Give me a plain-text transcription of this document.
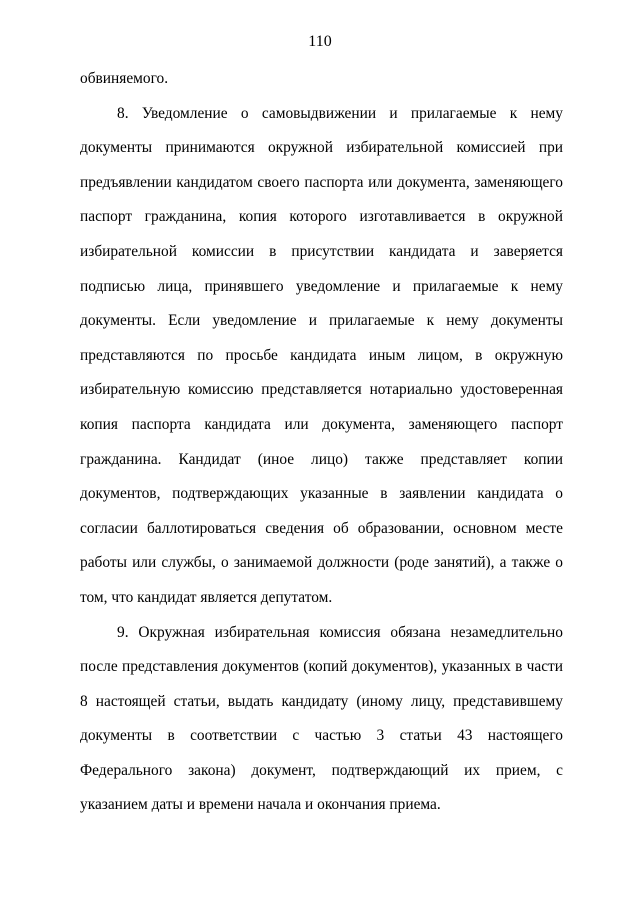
110

обвиняемого.

8. Уведомление о самовыдвижении и прилагаемые к нему документы принимаются окружной избирательной комиссией при предъявлении кандидатом своего паспорта или документа, заменяющего паспорт гражданина, копия которого изготавливается в окружной избирательной комиссии в присутствии кандидата и заверяется подписью лица, принявшего уведомление и прилагаемые к нему документы. Если уведомление и прилагаемые к нему документы представляются по просьбе кандидата иным лицом, в окружную избирательную комиссию представляется нотариально удостоверенная копия паспорта кандидата или документа, заменяющего паспорт гражданина. Кандидат (иное лицо) также представляет копии документов, подтверждающих указанные в заявлении кандидата о согласии баллотироваться сведения об образовании, основном месте работы или службы, о занимаемой должности (роде занятий), а также о том, что кандидат является депутатом.

9. Окружная избирательная комиссия обязана незамедлительно после представления документов (копий документов), указанных в части 8 настоящей статьи, выдать кандидату (иному лицу, представившему документы в соответствии с частью 3 статьи 43 настоящего Федерального закона) документ, подтверждающий их прием, с указанием даты и времени начала и окончания приема.
